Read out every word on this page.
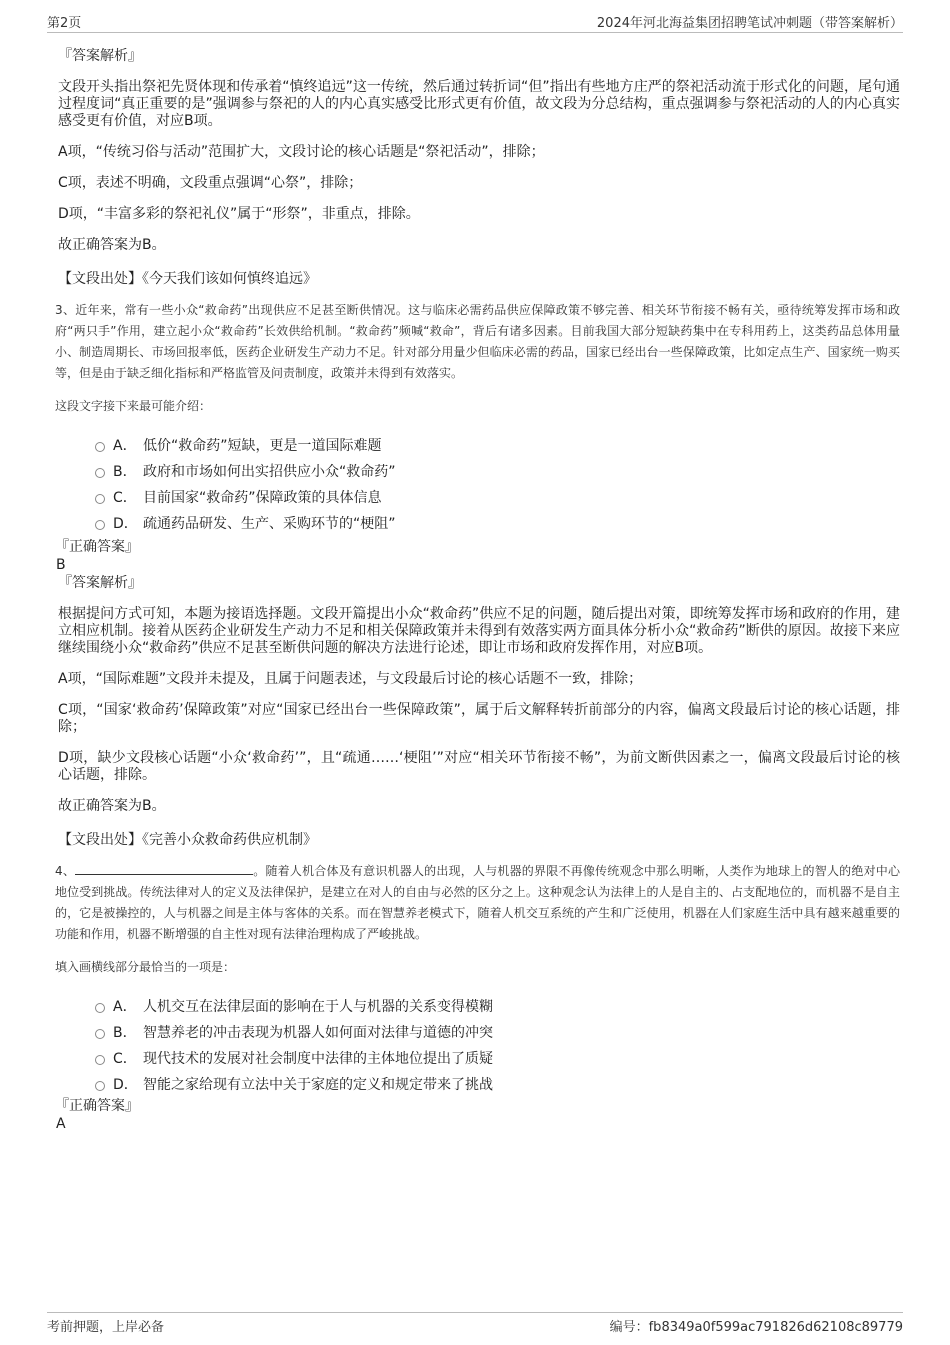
第2页	2024年河北海益集团招聘笔试冲刺题（带答案解析）
『答案解析』
文段开头指出祭祀先贤体现和传承着“慎终追远”这一传统，然后通过转折词“但”指出有些地方庄严的祭祀活动流于形式化的问题，尾句通过程度词“真正重要的是”强调参与祭祀的人的内心真实感受比形式更有价值，故文段为分总结构，重点强调参与祭祀活动的人的内心真实感受更有价值，对应B项。
A项，“传统习俗与活动”范围扩大，文段讨论的核心话题是“祭祀活动”，排除；
C项，表述不明确，文段重点强调“心祭”，排除；
D项，“丰富多彩的祭祀礼仪”属于“形祭”，非重点，排除。
故正确答案为B。
【文段出处】《今天我们该如何慎终追远》
3、近年来，常有一些小众“救命药”出现供应不足甚至断供情况。这与临床必需药品供应保障政策不够完善、相关环节衔接不畅有关，亟待统筹发挥市场和政府“两只手”作用，建立起小众“救命药”长效供给机制。“救命药”频喊“救命”，背后有诸多因素。目前我国大部分短缺药集中在专科用药上，这类药品总体用量小、制造周期长、市场回报率低，医药企业研发生产动力不足。针对部分用量少但临床必需的药品，国家已经出台一些保障政策，比如定点生产、国家统一购买等，但是由于缺乏细化指标和严格监管及问责制度，政策并未得到有效落实。
这段文字接下来最可能介绍：
A． 低价“救命药”短缺，更是一道国际难题
B． 政府和市场如何出实招供应小众“救命药”
C． 目前国家“救命药”保障政策的具体信息
D． 疏通药品研发、生产、采购环节的“梗阻”
『正确答案』
B
『答案解析』
根据提问方式可知，本题为接语选择题。文段开篇提出小众“救命药”供应不足的问题，随后提出对策，即统筹发挥市场和政府的作用，建立相应机制。接着从医药企业研发生产动力不足和相关保障政策并未得到有效落实两方面具体分析小众“救命药”断供的原因。故接下来应继续围绕小众“救命药”供应不足甚至断供问题的解决方法进行论述，即让市场和政府发挥作用，对应B项。
A项，“国际难题”文段并未提及，且属于问题表述，与文段最后讨论的核心话题不一致，排除；
C项，“国家‘救命药’保障政策”对应“国家已经出台一些保障政策”，属于后文解释转折前部分的内容，偏离文段最后讨论的核心话题，排除；
D项，缺少文段核心话题“小众‘救命药’”，且“疏通……‘梗阻’”对应“相关环节衔接不畅”，为前文断供因素之一，偏离文段最后讨论的核心话题，排除。
故正确答案为B。
【文段出处】《完善小众救命药供应机制》
4、	。随着人机合体及有意识机器人的出现，人与机器的界限不再像传统观念中那么明晰，人类作为地球上的智人的绝对中心地位受到挑战。传统法律对人的定义及法律保护，是建立在对人的自由与必然的区分之上。这种观念认为法律上的人是自主的、占支配地位的，而机器不是自主的，它是被操控的，人与机器之间是主体与客体的关系。而在智慧养老模式下，随着人机交互系统的产生和广泛使用，机器在人们家庭生活中具有越来越重要的功能和作用，机器不断增强的自主性对现有法律治理构成了严峻挑战。
填入画横线部分最恰当的一项是：
A． 人机交互在法律层面的影响在于人与机器的关系变得模糊
B． 智慧养老的冲击表现为机器人如何面对法律与道德的冲突
C． 现代技术的发展对社会制度中法律的主体地位提出了质疑
D． 智能之家给现有立法中关于家庭的定义和规定带来了挑战
『正确答案』
A
考前押题，上岸必备	编号：fb8349a0f599ac791826d62108c89779
